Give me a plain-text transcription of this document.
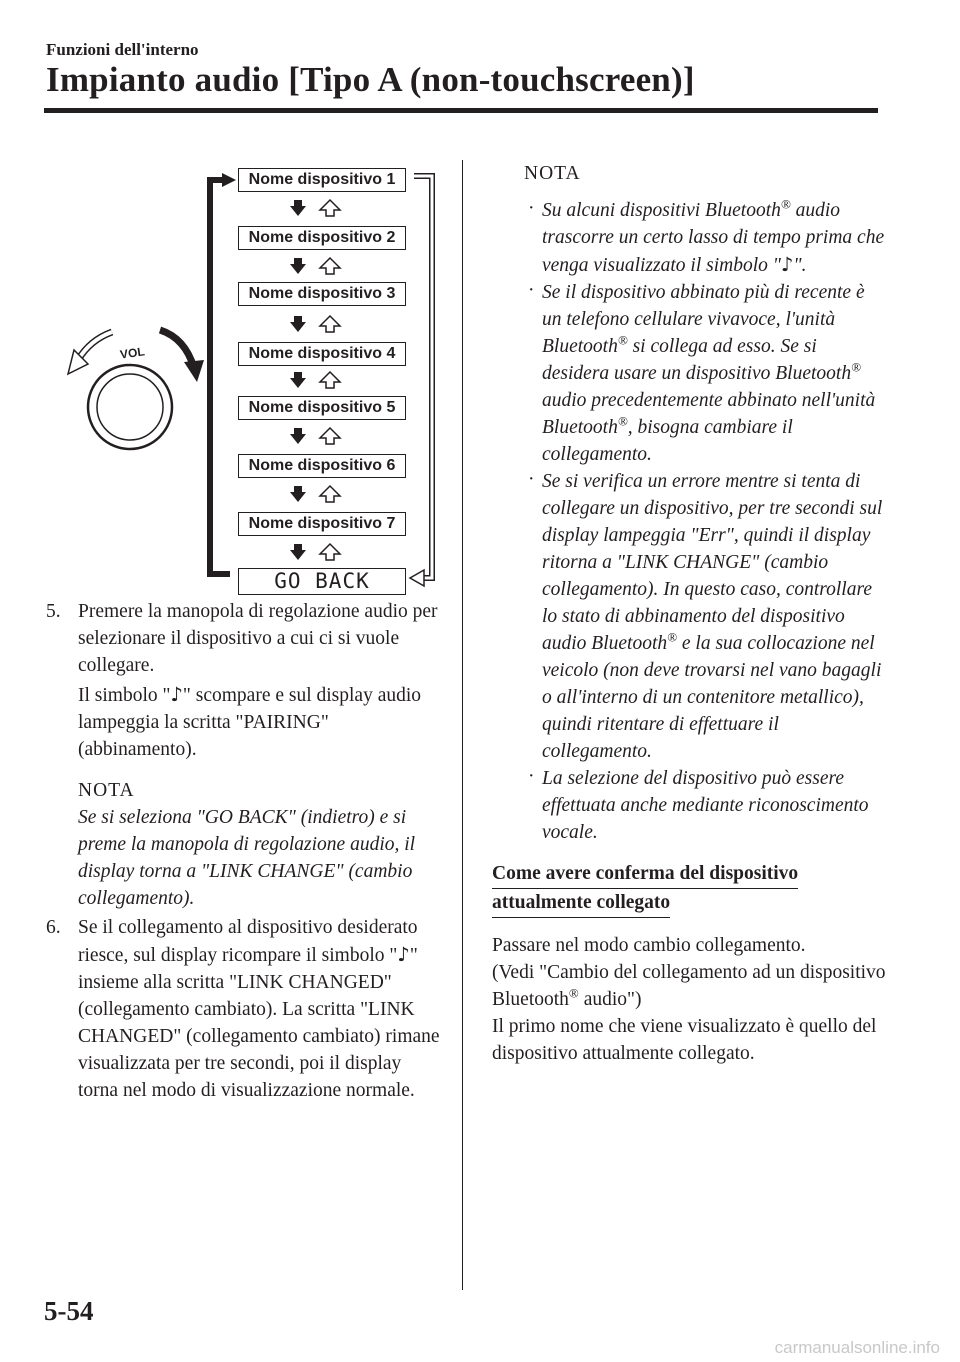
Funzioni dell'interno
Impianto audio [Tipo A (non-touchscreen)]
VOL
Nome dispositivo 1
Nome dispositivo 2
Nome dispositivo 3
Nome dispositivo 4
Nome dispositivo 5
Nome dispositivo 6
Nome dispositivo 7
GO BACK
5. Premere la manopola di regolazione audio per selezionare il dispositivo a cui ci si vuole collegare.

Il simbolo "♪" scompare e sul display audio lampeggia la scritta "PAIRING" (abbinamento).

NOTA

Se si seleziona "GO BACK" (indietro) e si preme la manopola di regolazione audio, il display torna a "LINK CHANGE" (cambio collegamento).

6. Se il collegamento al dispositivo desiderato riesce, sul display ricompare il simbolo "♪" insieme alla scritta "LINK CHANGED" (collegamento cambiato). La scritta "LINK CHANGED" (collegamento cambiato) rimane visualizzata per tre secondi, poi il display torna nel modo di visualizzazione normale.

NOTA

· Su alcuni dispositivi Bluetooth® audio trascorre un certo lasso di tempo prima che venga visualizzato il simbolo "♪".

· Se il dispositivo abbinato più di recente è un telefono cellulare vivavoce, l'unità Bluetooth® si collega ad esso. Se si desidera usare un dispositivo Bluetooth® audio precedentemente abbinato nell'unità Bluetooth®, bisogna cambiare il collegamento.

· Se si verifica un errore mentre si tenta di collegare un dispositivo, per tre secondi sul display lampeggia "Err", quindi il display ritorna a "LINK CHANGE" (cambio collegamento). In questo caso, controllare lo stato di abbinamento del dispositivo audio Bluetooth® e la sua collocazione nel veicolo (non deve trovarsi nel vano bagagli o all'interno di un contenitore metallico), quindi ritentare di effettuare il collegamento.

· La selezione del dispositivo può essere effettuata anche mediante riconoscimento vocale.

Come avere conferma del dispositivo
attualmente collegato

Passare nel modo cambio collegamento.

(Vedi "Cambio del collegamento ad un dispositivo Bluetooth® audio")

Il primo nome che viene visualizzato è quello del dispositivo attualmente collegato.

5-54
carmanualsonline.info
